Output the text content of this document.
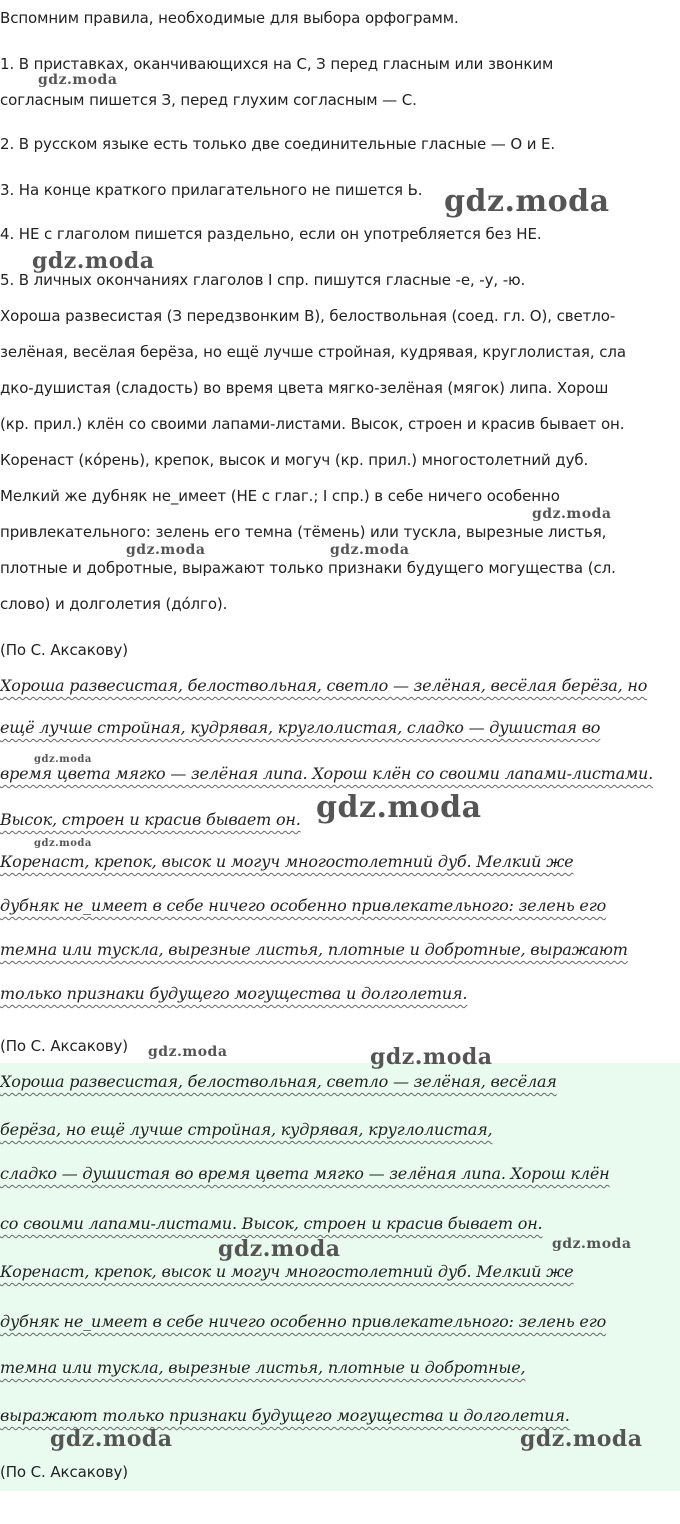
Вспомним правила, необходимые для выбора орфограмм.

1. В приставках, оканчивающихся на С, З перед гласным или звонким

согласным пишется З, перед глухим согласным — С.

2. В русском языке есть только две соединительные гласные — О и Е.

3. На конце краткого прилагательного не пишется Ь.

4. НЕ с глаголом пишется раздельно, если он употребляется без НЕ.

5. В личных окончаниях глаголов I спр. пишутся гласные -е, -у, -ю.

Хороша развесистая (З передзвонким В), белоствольная (соед. гл. О), светло-

зелёная, весёлая берёза, но ещё лучше стройная, кудрявая, круглолистая, сла

дко-душистая (сладость) во время цвета мягко-зелёная (мягок) липа. Хорош

(кр. прил.) клён со своими лапами-листами. Высок, строен и красив бывает он.

Коренаст (кóрень), крепок, высок и могуч (кр. прил.) многостолетний дуб.

Мелкий же дубняк не_имеет (НЕ с глаг.; I спр.) в себе ничего особенно

привлекательного: зелень его темна (тёмень) или тускла, вырезные листья,

плотные и добротные, выражают только признаки будущего могущества (сл.

слово) и долголетия (дóлго).

(По С. Аксакову)

Хороша развесистая, белоствольная, светло — зелёная, весёлая берёза, но

ещё лучше стройная, кудрявая, круглолистая, сладко — душистая во

время цвета мягко — зелёная липа. Хорош клён со своими лапами-листами.

Высок, строен и красив бывает он.

Коренаст, крепок, высок и могуч многостолетний дуб. Мелкий же

дубняк не_имеет в себе ничего особенно привлекательного: зелень его

темна или тускла, вырезные листья, плотные и добротные, выражают

только признаки будущего могущества и долголетия.

(По С. Аксакову)

Хороша развесистая, белоствольная, светло — зелёная, весёлая

берёза, но ещё лучше стройная, кудрявая, круглолистая,

сладко — душистая во время цвета мягко — зелёная липа. Хорош клён

со своими лапами-листами. Высок, строен и красив бывает он.

Коренаст, крепок, высок и могуч многостолетний дуб. Мелкий же

дубняк не_имеет в себе ничего особенно привлекательного: зелень его

темна или тускла, вырезные листья, плотные и добротные,

выражают только признаки будущего могущества и долголетия.

(По С. Аксакову)

gdz.moda
gdz.moda
gdz.moda
gdz.moda
gdz.moda	gdz.moda
gdz.moda
gdz.moda
gdz.moda
gdz.moda	gdz.moda
gdz.moda	gdz.moda
gdz.moda	gdz.moda
